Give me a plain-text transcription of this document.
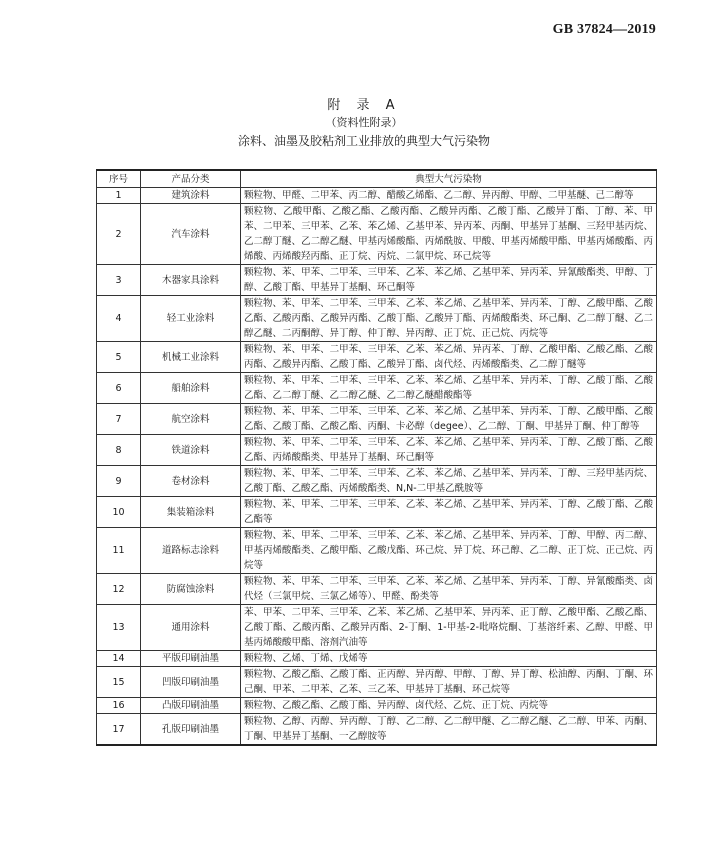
GB 37824—2019
附 录 A
（资料性附录）
涂料、油墨及胶粘剂工业排放的典型大气污染物
序号	产品分类	典型大气污染物
1	建筑涂料	颗粒物、甲醛、二甲苯、丙二醇、醋酸乙烯酯、乙二醇、异丙醇、甲醇、二甲基醚、己二醇等
2	汽车涂料	颗粒物、乙酸甲酯、乙酸乙酯、乙酸丙酯、乙酸异丙酯、乙酸丁酯、乙酸异丁酯、丁醇、苯、甲苯、二甲苯、三甲苯、乙苯、苯乙烯、乙基甲苯、异丙苯、丙酮、甲基异丁基酮、三羟甲基丙烷、乙二醇丁醚、乙二醇乙醚、甲基丙烯酸酯、丙烯酰胺、甲酸、甲基丙烯酸甲酯、甲基丙烯酸酯、丙烯酸、丙烯酸羟丙酯、正丁烷、丙烷、二氯甲烷、环己烷等
3	木器家具涂料	颗粒物、苯、甲苯、二甲苯、三甲苯、乙苯、苯乙烯、乙基甲苯、异丙苯、异氰酸酯类、甲醇、丁醇、乙酸丁酯、甲基异丁基酮、环己酮等
4	轻工业涂料	颗粒物、苯、甲苯、二甲苯、三甲苯、乙苯、苯乙烯、乙基甲苯、异丙苯、丁醇、乙酸甲酯、乙酸乙酯、乙酸丙酯、乙酸异丙酯、乙酸丁酯、乙酸异丁酯、丙烯酸酯类、环己酮、乙二醇丁醚、乙二醇乙醚、二丙酮醇、异丁醇、仲丁醇、异丙醇、正丁烷、正己烷、丙烷等
5	机械工业涂料	颗粒物、苯、甲苯、二甲苯、三甲苯、乙苯、苯乙烯、异丙苯、丁醇、乙酸甲酯、乙酸乙酯、乙酸丙酯、乙酸异丙酯、乙酸丁酯、乙酸异丁酯、卤代烃、丙烯酸酯类、乙二醇丁醚等
6	船舶涂料	颗粒物、苯、甲苯、二甲苯、三甲苯、乙苯、苯乙烯、乙基甲苯、异丙苯、丁醇、乙酸丁酯、乙酸乙酯、乙二醇丁醚、乙二醇乙醚、乙二醇乙醚醋酸酯等
7	航空涂料	颗粒物、苯、甲苯、二甲苯、三甲苯、乙苯、苯乙烯、乙基甲苯、异丙苯、丁醇、乙酸甲酯、乙酸乙酯、乙酸丁酯、乙酸乙酯、丙酮、卡必醇（degee）、乙二醇、丁酮、甲基异丁酮、仲丁醇等
8	铁道涂料	颗粒物、苯、甲苯、二甲苯、三甲苯、乙苯、苯乙烯、乙基甲苯、异丙苯、丁醇、乙酸丁酯、乙酸乙酯、丙烯酸酯类、甲基异丁基酮、环己酮等
9	卷材涂料	颗粒物、苯、甲苯、二甲苯、三甲苯、乙苯、苯乙烯、乙基甲苯、异丙苯、丁醇、三羟甲基丙烷、乙酸丁酯、乙酸乙酯、丙烯酸酯类、N,N-二甲基乙酰胺等
10	集装箱涂料	颗粒物、苯、甲苯、二甲苯、三甲苯、乙苯、苯乙烯、乙基甲苯、异丙苯、丁醇、乙酸丁酯、乙酸乙酯等
11	道路标志涂料	颗粒物、苯、甲苯、二甲苯、三甲苯、乙苯、苯乙烯、乙基甲苯、异丙苯、丁醇、甲醇、丙二醇、甲基丙烯酸酯类、乙酸甲酯、乙酸戊酯、环己烷、异丁烷、环己醇、乙二醇、正丁烷、正己烷、丙烷等
12	防腐蚀涂料	颗粒物、苯、甲苯、二甲苯、三甲苯、乙苯、苯乙烯、乙基甲苯、异丙苯、丁醇、异氰酸酯类、卤代烃（三氯甲烷、三氯乙烯等）、甲醛、酚类等
13	通用涂料	苯、甲苯、二甲苯、三甲苯、乙苯、苯乙烯、乙基甲苯、异丙苯、正丁醇、乙酸甲酯、乙酸乙酯、乙酸丁酯、乙酸丙酯、乙酸异丙酯、2-丁酮、1-甲基-2-吡咯烷酮、丁基溶纤素、乙醇、甲醛、甲基丙烯酸酸甲酯、溶剂汽油等
14	平版印刷油墨	颗粒物、乙烯、丁烯、戊烯等
15	凹版印刷油墨	颗粒物、乙酸乙酯、乙酸丁酯、正丙醇、异丙醇、甲醇、丁醇、异丁醇、松油醇、丙酮、丁酮、环己酮、甲苯、二甲苯、乙苯、三乙苯、甲基异丁基酮、环己烷等
16	凸版印刷油墨	颗粒物、乙酸乙酯、乙酸丁酯、异丙醇、卤代烃、乙烷、正丁烷、丙烷等
17	孔版印刷油墨	颗粒物、乙醇、丙醇、异丙醇、丁醇、乙二醇、乙二醇甲醚、乙二醇乙醚、乙二醇、甲苯、丙酮、丁酮、甲基异丁基酮、一乙醇胺等
